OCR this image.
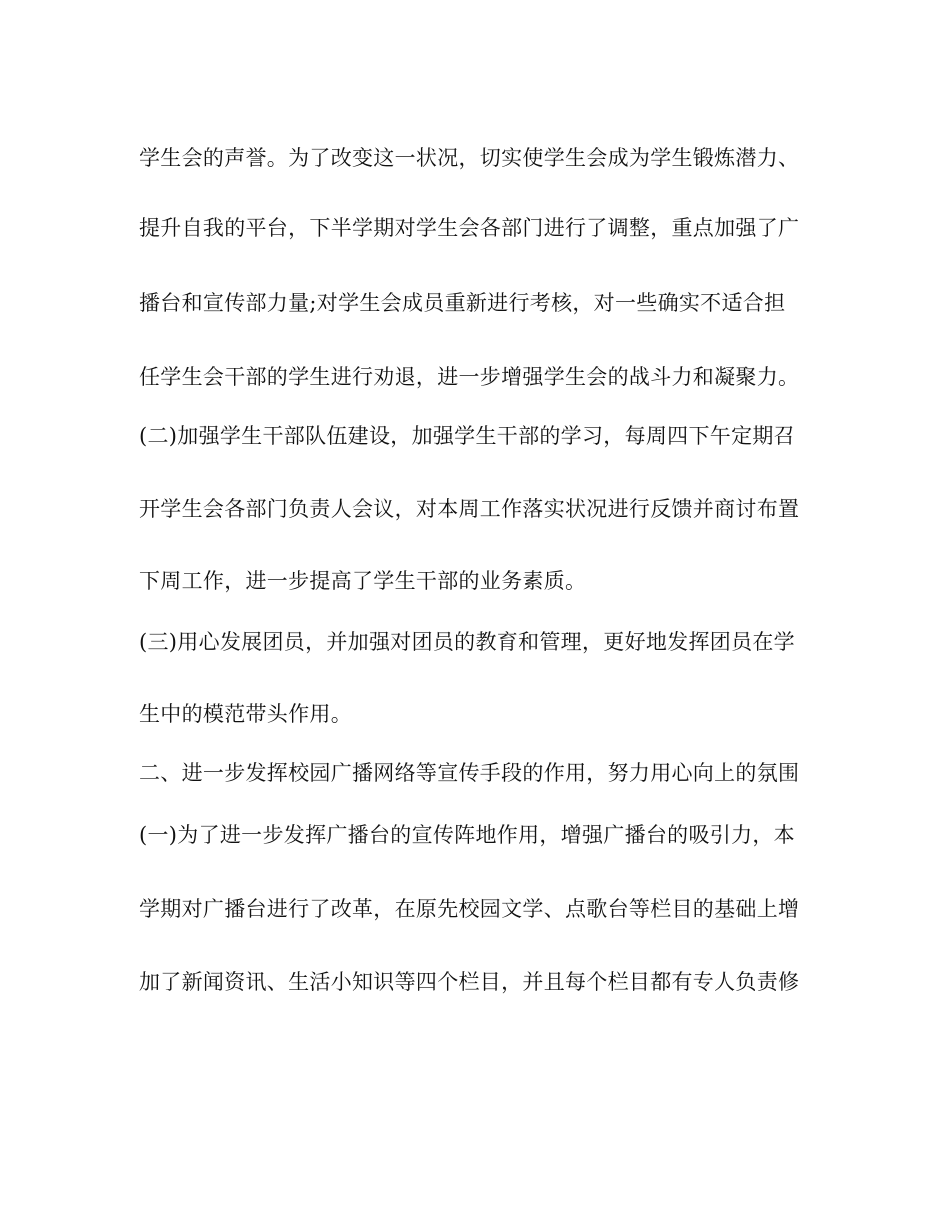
学生会的声誉。为了改变这一状况，切实使学生会成为学生锻炼潜力、
提升自我的平台，下半学期对学生会各部门进行了调整，重点加强了广
播台和宣传部力量;对学生会成员重新进行考核，对一些确实不适合担
任学生会干部的学生进行劝退，进一步增强学生会的战斗力和凝聚力。
(二)加强学生干部队伍建设，加强学生干部的学习，每周四下午定期召
开学生会各部门负责人会议，对本周工作落实状况进行反馈并商讨布置
下周工作，进一步提高了学生干部的业务素质。
(三)用心发展团员，并加强对团员的教育和管理，更好地发挥团员在学
生中的模范带头作用。
二、进一步发挥校园广播网络等宣传手段的作用，努力用心向上的氛围
(一)为了进一步发挥广播台的宣传阵地作用，增强广播台的吸引力，本
学期对广播台进行了改革，在原先校园文学、点歌台等栏目的基础上增
加了新闻资讯、生活小知识等四个栏目，并且每个栏目都有专人负责修
